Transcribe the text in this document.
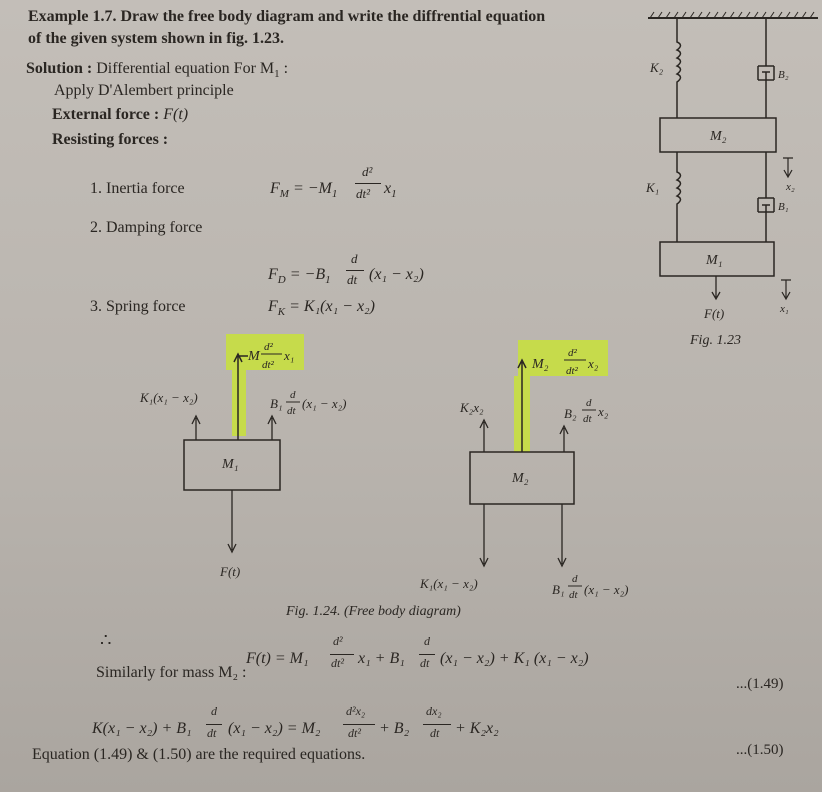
Example 1.7. Draw the free body diagram and write the diffrential equation
of the given system shown in fig. 1.23.
Solution : Differential equation For $M_1$ :
Apply D'Alembert principle
External force : F(t)
Resisting forces :
1. Inertia force	$F_M = -M_1$
d²
dt² $x_1$
2. Damping force
$F_D = -B_1$
d
dt (x₁ − x₂)
3. Spring force	$F_K = K_1(x_1 - x_2)$
K₂	B₂
M₂
x₂
K₁
B₁
M₁
x₁
F(t)
Fig. 1.23
M₁
M
d²
dt²
x₁
K₁(x₁ − x₂)	B₁
d
dt (x₁ − x₂)
F(t)
M₂
M₂
d²
dt² x₂
K₂x₂	B₂
d
dt x₂
K₁(x₁ − x₂)	B₁
d
dt (x₁ − x₂)
Fig. 1.24. (Free body diagram)
∴
F(t) = M₁
d²
dt² x₁ + B₁
d
dt (x₁ − x₂) + K₁ (x₁ − x₂)
...(1.49)
Similarly for mass M₂ :
K(x₁ − x₂) + B₁
d
dt (x₁ − x₂) = M₂
d²x₂
dt² + B₂
dx₂
dt + K₂x₂
...(1.50)
Equation (1.49) & (1.50) are the required equations.
